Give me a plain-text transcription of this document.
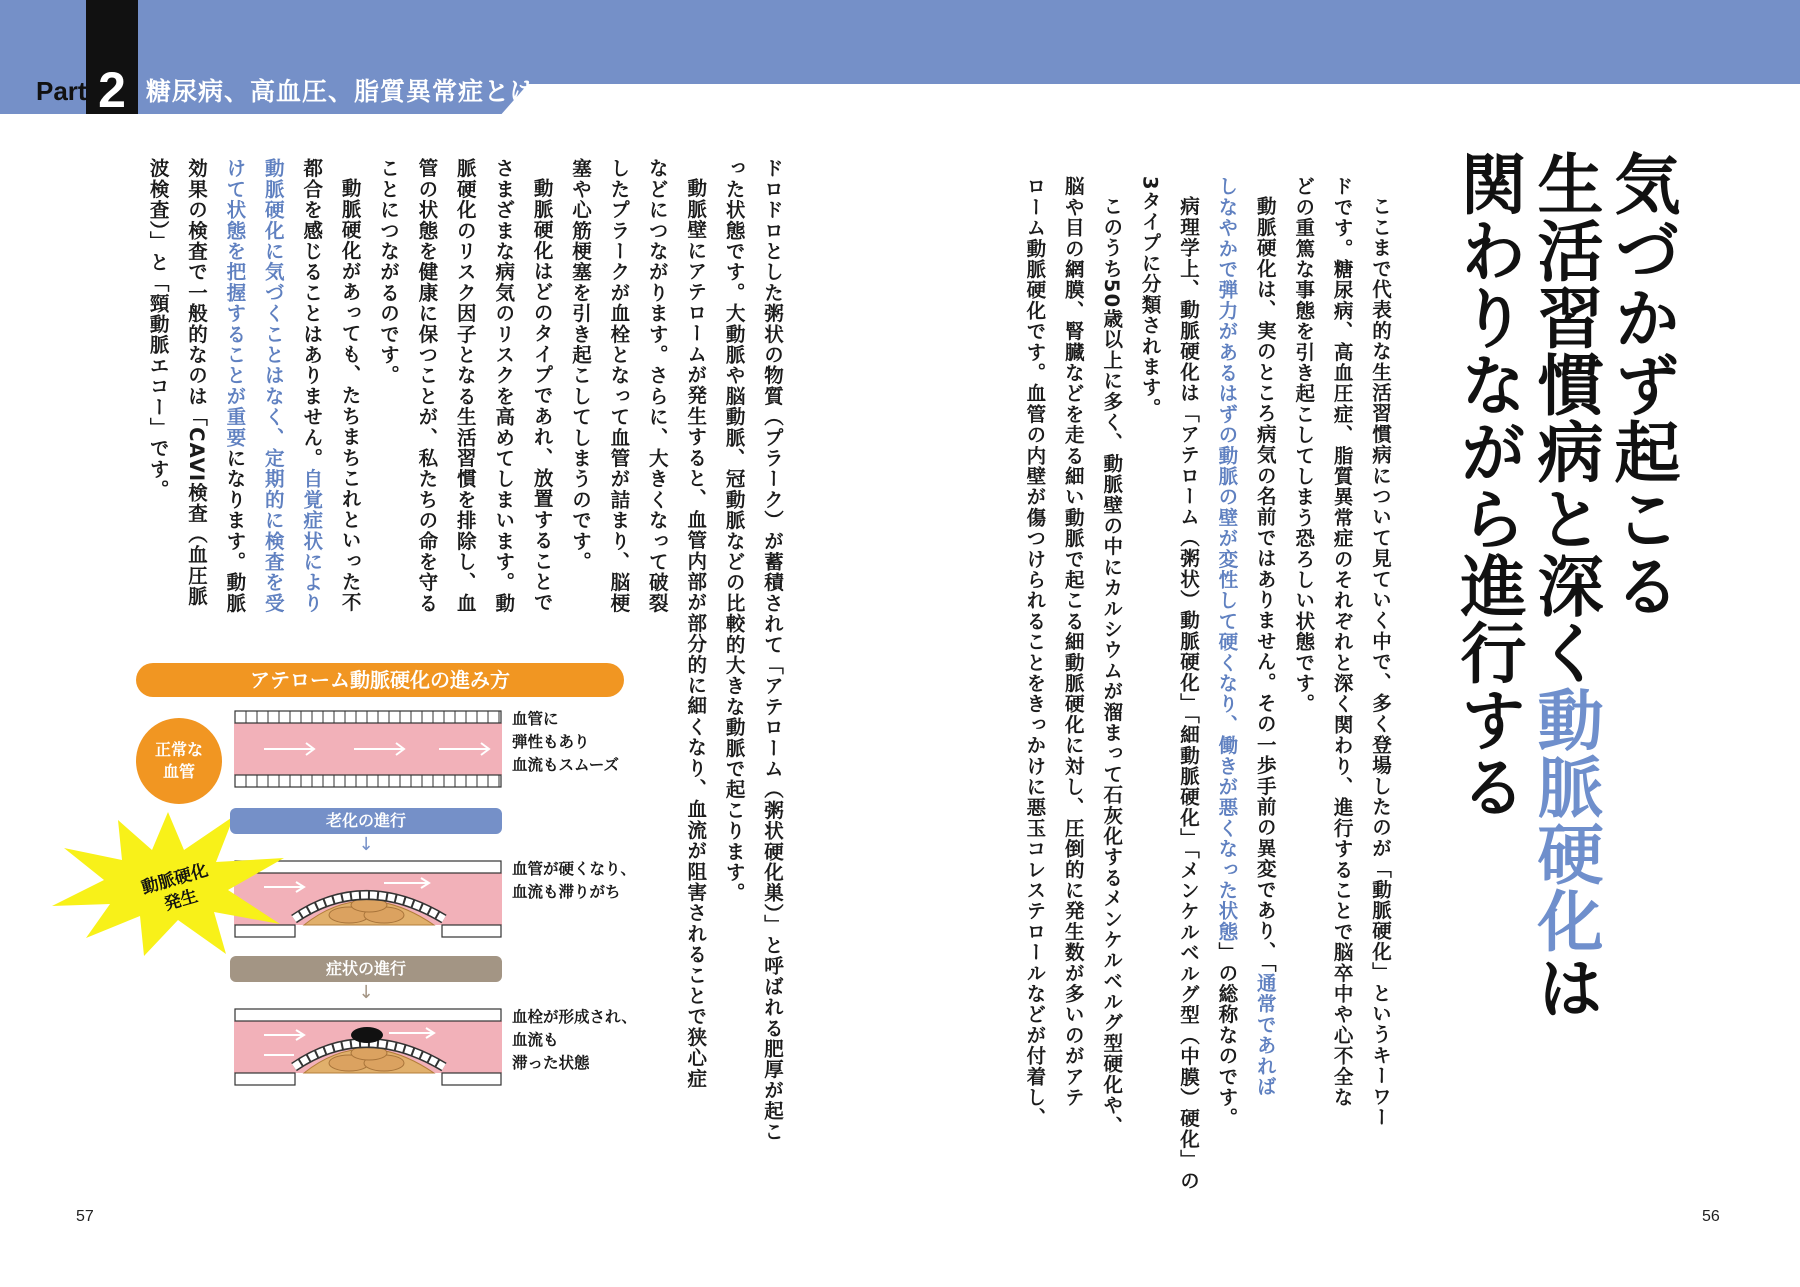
2
Part 糖尿病、高血圧、脂質異常症とは
気づかず起こる
生活習慣病と深く動脈硬化は
関わりながら進行する
ここまで代表的な生活習慣病について見ていく中で、多く登場したのが「動脈硬化」というキーワー
ドです。糖尿病、高血圧症、脂質異常症のそれぞれと深く関わり、進行することで脳卒中や心不全な
どの重篤な事態を引き起こしてしまう恐ろしい状態です。
動脈硬化は、実のところ病気の名前ではありません。その一歩手前の異変であり、「通常であれば
しなやかで弾力があるはずの動脈の壁が変性して硬くなり、働きが悪くなった状態」の総称なのです。
病理学上、動脈硬化は「アテローム（粥状）動脈硬化」「細動脈硬化」「メンケルベルグ型（中膜）硬化」の
3タイプに分類されます。
このうち50歳以上に多く、動脈壁の中にカルシウムが溜まって石灰化するメンケルベルグ型硬化や、
脳や目の網膜、腎臓などを走る細い動脈で起こる細動脈硬化に対し、圧倒的に発生数が多いのがアテ
ローム動脈硬化です。血管の内壁が傷つけられることをきっかけに悪玉コレステロールなどが付着し、
ドロドロとした粥状の物質（プラーク）が蓄積されて「アテローム（粥状硬化巣）」と呼ばれる肥厚が起こ
った状態です。大動脈や脳動脈、冠動脈などの比較的大きな動脈で起こります。
動脈壁にアテロームが発生すると、血管内部が部分的に細くなり、血流が阻害されることで狭心症
などにつながります。さらに、大きくなって破裂
したプラークが血栓となって血管が詰まり、脳梗
塞や心筋梗塞を引き起こしてしまうのです。
動脈硬化はどのタイプであれ、放置することで
さまざまな病気のリスクを高めてしまいます。動
脈硬化のリスク因子となる生活習慣を排除し、血
管の状態を健康に保つことが、私たちの命を守る
ことにつながるのです。
動脈硬化があっても、たちまちこれといった不
都合を感じることはありません。自覚症状により
動脈硬化に気づくことはなく、定期的に検査を受
けて状態を把握することが重要になります。動脈
効果の検査で一般的なのは「CAVI検査（血圧脈
波検査）」と「頸動脈エコー」です。
アテローム動脈硬化の進み方
正常な
血管
動脈硬化
発生
血管に
弾性もあり
血流もスムーズ
血管が硬くなり、
血流も滞りがち
血栓が形成され、
血流も
滞った状態
老化の進行
↓
症状の進行
↓
57	56
